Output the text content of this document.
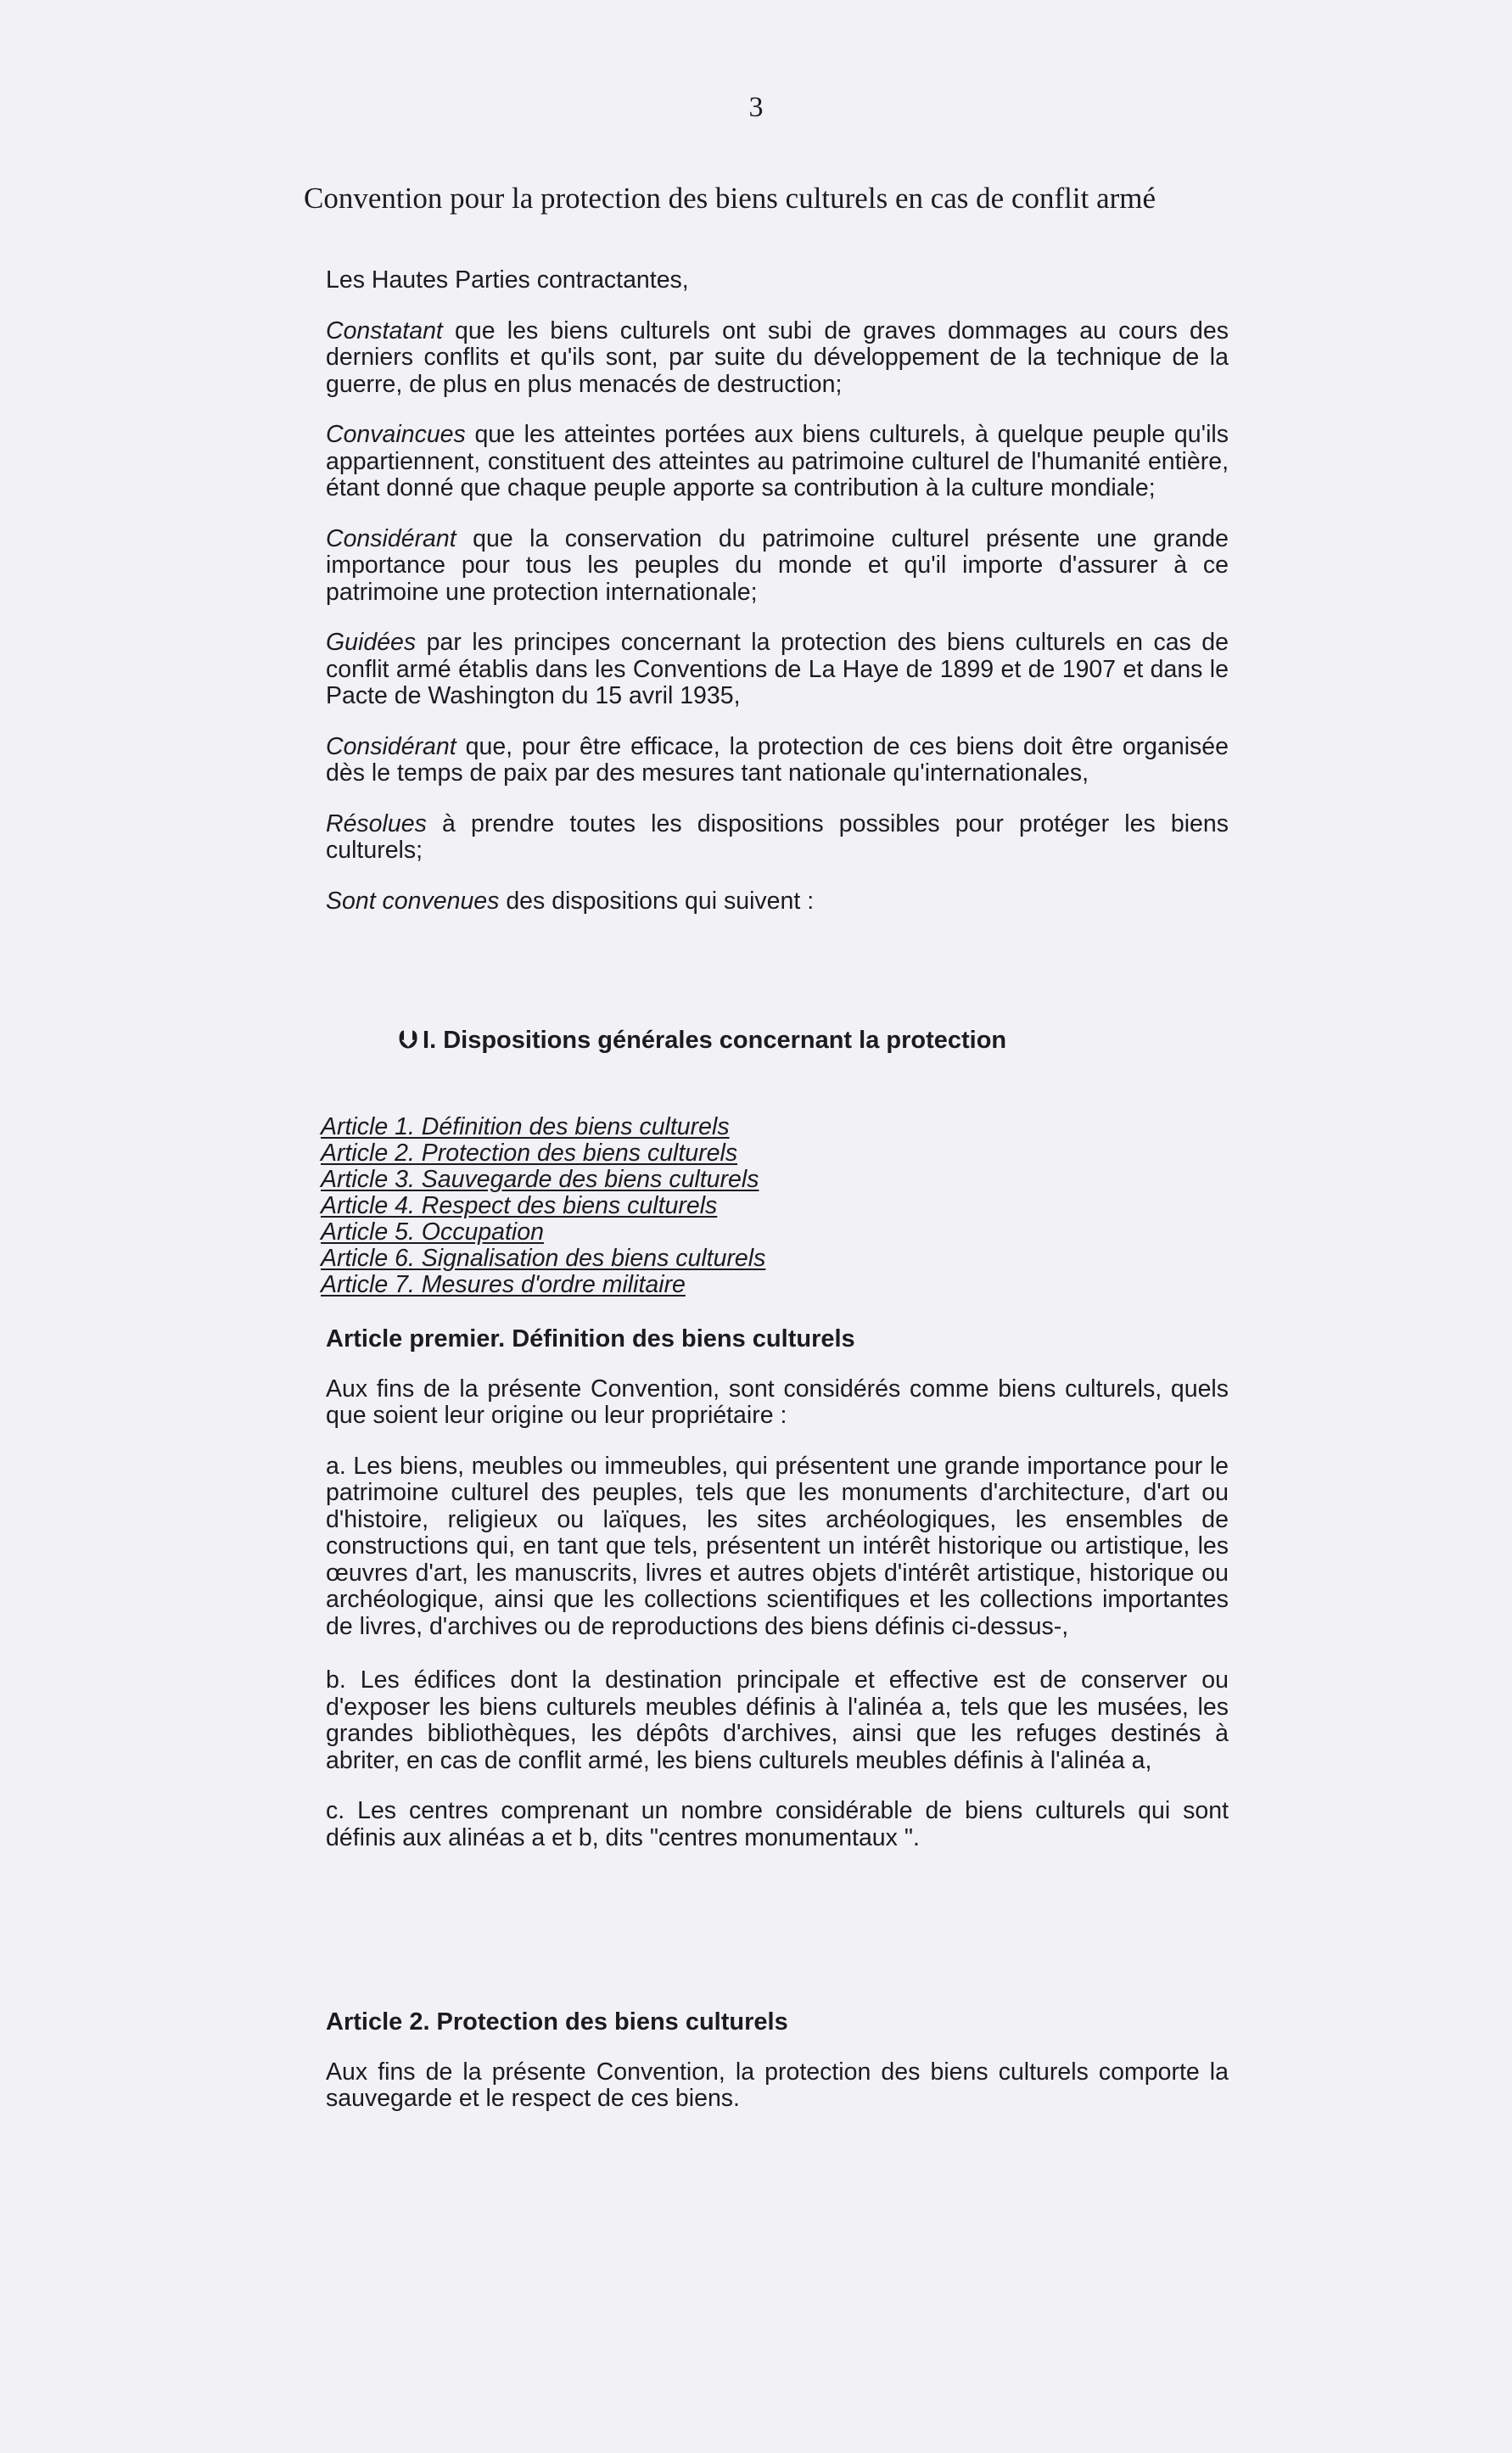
3
Convention pour la protection des biens culturels en cas de conflit armé

Les Hautes Parties contractantes,

Constatant que les biens culturels ont subi de graves dommages au cours des derniers conflits et qu'ils sont, par suite du développement de la technique de la guerre, de plus en plus menacés de destruction;

Convaincues que les atteintes portées aux biens culturels, à quelque peuple qu'ils appartiennent, constituent des atteintes au patrimoine culturel de l'humanité entière, étant donné que chaque peuple apporte sa contribution à la culture mondiale;

Considérant que la conservation du patrimoine culturel présente une grande importance pour tous les peuples du monde et qu'il importe d'assurer à ce patrimoine une protection internationale;

Guidées par les principes concernant la protection des biens culturels en cas de conflit armé établis dans les Conventions de La Haye de 1899 et de 1907 et dans le Pacte de Washington du 15 avril 1935,

Considérant que, pour être efficace, la protection de ces biens doit être organisée dès le temps de paix par des mesures tant nationale qu'internationales,

Résolues à prendre toutes les dispositions possibles pour protéger les biens culturels;

Sont convenues des dispositions qui suivent :

⮋ I. Dispositions générales concernant la protection
Article 1. Définition des biens culturels
Article 2. Protection des biens culturels
Article 3. Sauvegarde des biens culturels
Article 4. Respect des biens culturels
Article 5. Occupation
Article 6. Signalisation des biens culturels
Article 7. Mesures d'ordre militaire

Article premier. Définition des biens culturels

Aux fins de la présente Convention, sont considérés comme biens culturels, quels que soient leur origine ou leur propriétaire :

a. Les biens, meubles ou immeubles, qui présentent une grande importance pour le patrimoine culturel des peuples, tels que les monuments d'architecture, d'art ou d'histoire, religieux ou laïques, les sites archéologiques, les ensembles de constructions qui, en tant que tels, présentent un intérêt historique ou artistique, les œuvres d'art, les manuscrits, livres et autres objets d'intérêt artistique, historique ou archéologique, ainsi que les collections scientifiques et les collections importantes de livres, d'archives ou de reproductions des biens définis ci-dessus-,

b. Les édifices dont la destination principale et effective est de conserver ou d'exposer les biens culturels meubles définis à l'alinéa a, tels que les musées, les grandes bibliothèques, les dépôts d'archives, ainsi que les refuges destinés à abriter, en cas de conflit armé, les biens culturels meubles définis à l'alinéa a,

c. Les centres comprenant un nombre considérable de biens culturels qui sont définis aux alinéas a et b, dits "centres monumentaux ".

Article 2. Protection des biens culturels

Aux fins de la présente Convention, la protection des biens culturels comporte la sauvegarde et le respect de ces biens.
